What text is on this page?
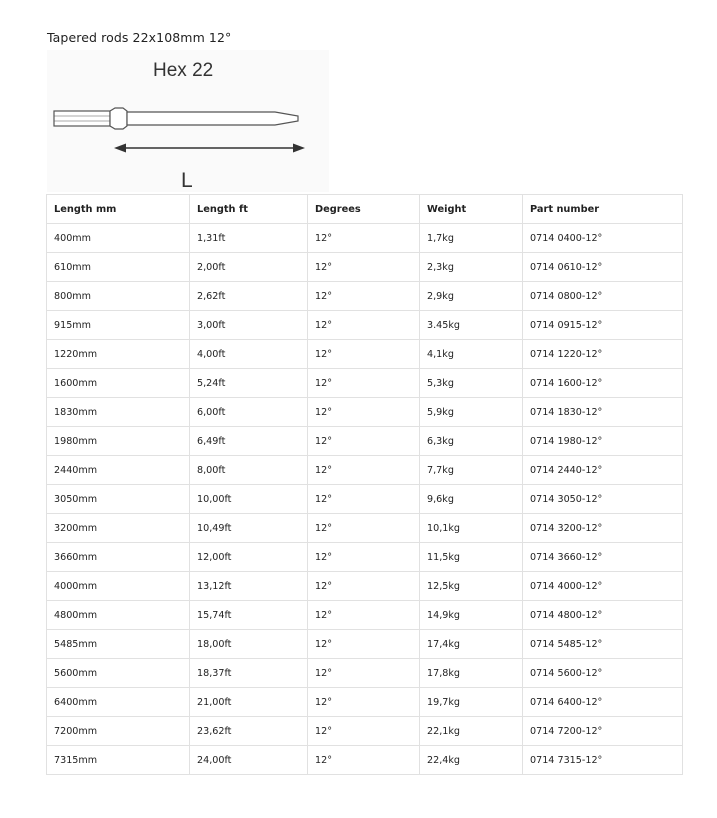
Tapered rods 22x108mm 12°
Hex 22
L
Length mm	Length ft	Degrees	Weight	Part number
400mm	1,31ft	12°	1,7kg	0714 0400-12°
610mm	2,00ft	12°	2,3kg	0714 0610-12°
800mm	2,62ft	12°	2,9kg	0714 0800-12°
915mm	3,00ft	12°	3.45kg	0714 0915-12°
1220mm	4,00ft	12°	4,1kg	0714 1220-12°
1600mm	5,24ft	12°	5,3kg	0714 1600-12°
1830mm	6,00ft	12°	5,9kg	0714 1830-12°
1980mm	6,49ft	12°	6,3kg	0714 1980-12°
2440mm	8,00ft	12°	7,7kg	0714 2440-12°
3050mm	10,00ft	12°	9,6kg	0714 3050-12°
3200mm	10,49ft	12°	10,1kg	0714 3200-12°
3660mm	12,00ft	12°	11,5kg	0714 3660-12°
4000mm	13,12ft	12°	12,5kg	0714 4000-12°
4800mm	15,74ft	12°	14,9kg	0714 4800-12°
5485mm	18,00ft	12°	17,4kg	0714 5485-12°
5600mm	18,37ft	12°	17,8kg	0714 5600-12°
6400mm	21,00ft	12°	19,7kg	0714 6400-12°
7200mm	23,62ft	12°	22,1kg	0714 7200-12°
7315mm	24,00ft	12°	22,4kg	0714 7315-12°
